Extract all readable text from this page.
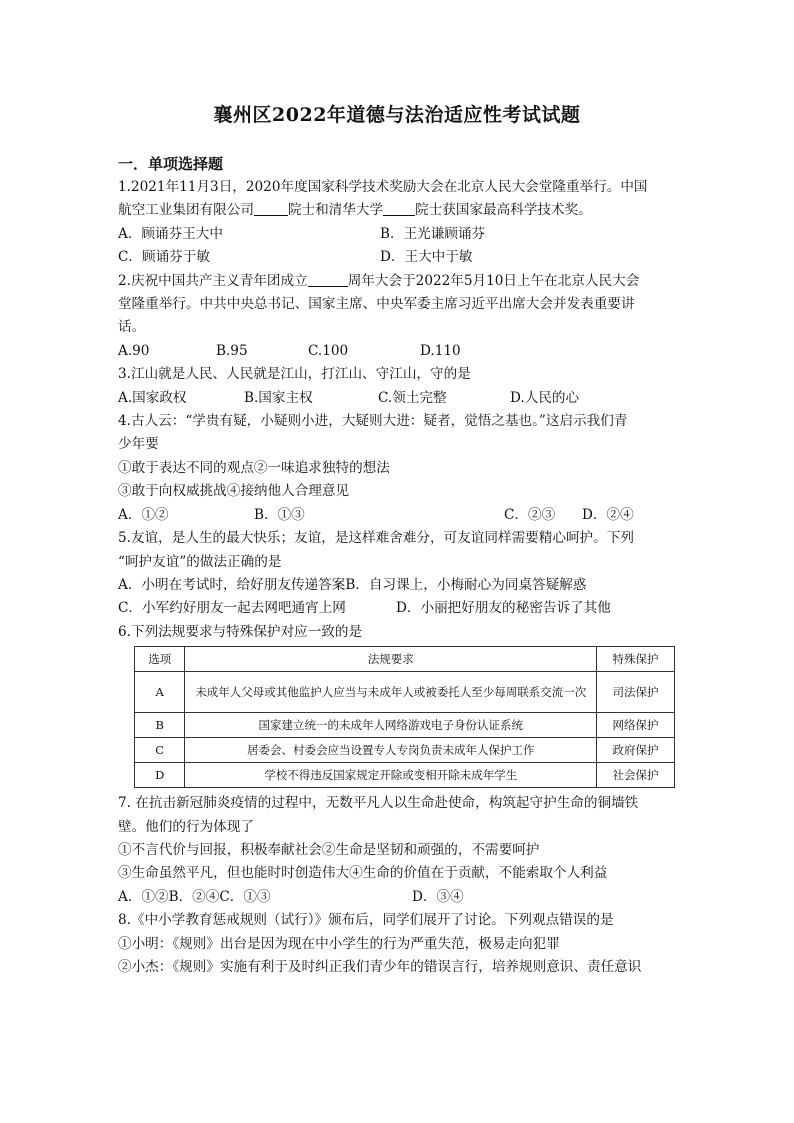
襄州区2022年道德与法治适应性考试试题
一．单项选择题

1.2021年11月3日，2020年度国家科学技术奖励大会在北京人民大会堂隆重举行。中国

航空工业集团有限公司	院士和清华大学 院士获国家最高科学技术奖。

A．顾诵芬王大中	B．王光谦顾诵芬

C．顾诵芬于敏	D．王大中于敏

2.庆祝中国共产主义青年团成立	周年大会于2022年5月10日上午在北京人民大会

堂隆重举行。中共中央总书记、国家主席、中央军委主席习近平出席大会并发表重要讲

话。

A.90	B.95	C.100	D.110

3.江山就是人民、人民就是江山，打江山、守江山，守的是

A.国家政权	B.国家主权	C.领土完整	D.人民的心

4.古人云：“学贵有疑，小疑则小进，大疑则大进：疑者，觉悟之基也。”这启示我们青

少年要

①敢于表达不同的观点②一味追求独特的想法

③敢于向权威挑战④接纳他人合理意见

A．①②	B．①③	C．②③	D．②④

5.友谊，是人生的最大快乐；友谊，是这样难舍难分，可友谊同样需要精心呵护。下列

“呵护友谊”的做法正确的是

A．小明在考试时，给好朋友传递答案B．自习课上，小梅耐心为同桌答疑解惑

C．小军约好朋友一起去网吧通宵上网	D．小丽把好朋友的秘密告诉了其他

6.下列法规要求与特殊保护对应一致的是

选项	法规要求	特殊保护
A	未成年人父母或其他监护人应当与未成年人或被委托人至少每周联系交流一次	司法保护
B	国家建立统一的未成年人网络游戏电子身份认证系统	网络保护
C	居委会、村委会应当设置专人专岗负责未成年人保护工作	政府保护
D	学校不得违反国家规定开除或变相开除未成年学生	社会保护

7. 在抗击新冠肺炎疫情的过程中，无数平凡人以生命赴使命，构筑起守护生命的铜墙铁

壁。他们的行为体现了

①不言代价与回报，积极奉献社会②生命是坚韧和顽强的，不需要呵护

③生命虽然平凡，但也能时时创造伟大④生命的价值在于贡献，不能索取个人利益

A．①②B．②④C．①③	D．③④

8.《中小学教育惩戒规则（试行）》颁布后，同学们展开了讨论。下列观点错误的是

①小明：《规则》出台是因为现在中小学生的行为严重失范，极易走向犯罪

②小杰：《规则》实施有利于及时纠正我们青少年的错误言行，培养规则意识、责任意识
